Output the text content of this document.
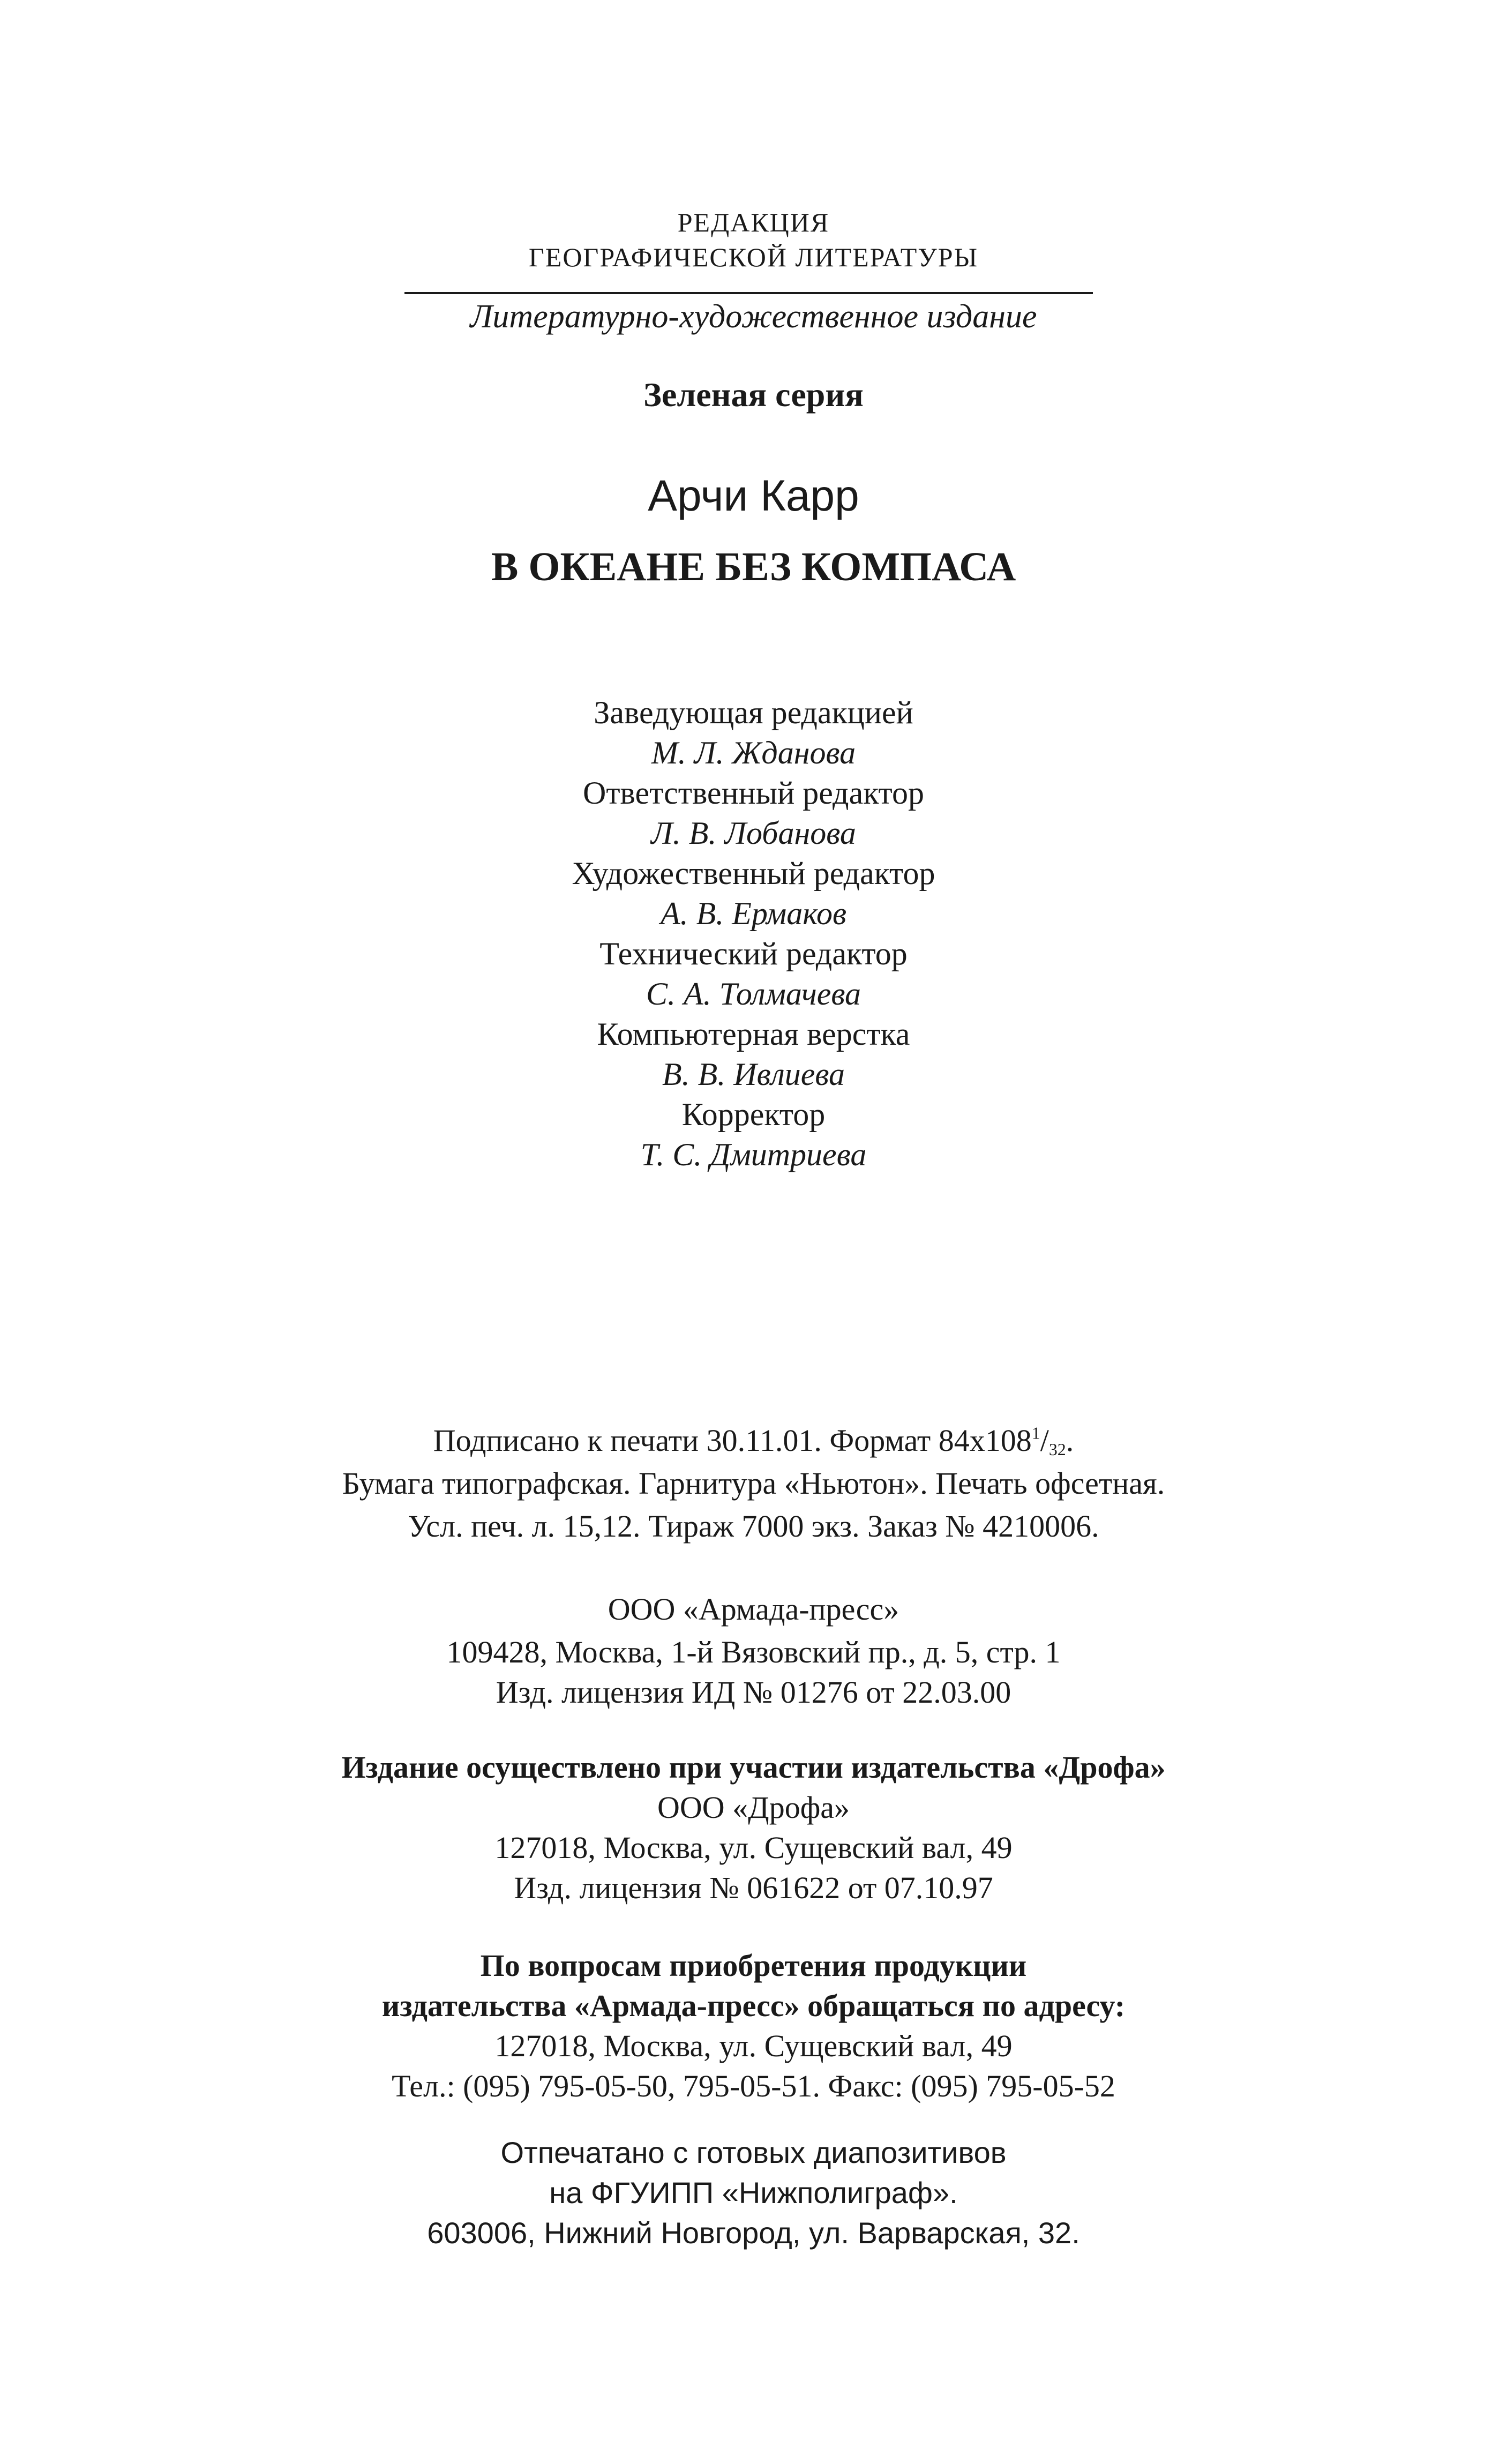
РЕДАКЦИЯ
ГЕОГРАФИЧЕСКОЙ ЛИТЕРАТУРЫ
Литературно-художественное издание
Зеленая серия
Арчи Карр
В ОКЕАНЕ БЕЗ КОМПАСА
Заведующая редакцией
М. Л. Жданова
Ответственный редактор
Л. В. Лобанова
Художественный редактор
А. В. Ермаков
Технический редактор
С. А. Толмачева
Компьютерная верстка
В. В. Ивлиева
Корректор
Т. С. Дмитриева
Подписано к печати 30.11.01. Формат $84x108^1/_{32}$.
Бумага типографская. Гарнитура «Ньютон». Печать офсетная.
Усл. печ. л. 15,12. Тираж 7000 экз. Заказ № 4210006.
ООО «Армада-пресс»
109428, Москва, 1-й Вязовский пр., д. 5, стр. 1
Изд. лицензия ИД № 01276 от 22.03.00
Издание осуществлено при участии издательства «Дрофа»
ООО «Дрофа»
127018, Москва, ул. Сущевский вал, 49
Изд. лицензия № 061622 от 07.10.97
По вопросам приобретения продукции
издательства «Армада-пресс» обращаться по адресу:
127018, Москва, ул. Сущевский вал, 49
Тел.: (095) 795-05-50, 795-05-51. Факс: (095) 795-05-52
Отпечатано с готовых диапозитивов
на ФГУИПП «Нижполиграф».
603006, Нижний Новгород, ул. Варварская, 32.
